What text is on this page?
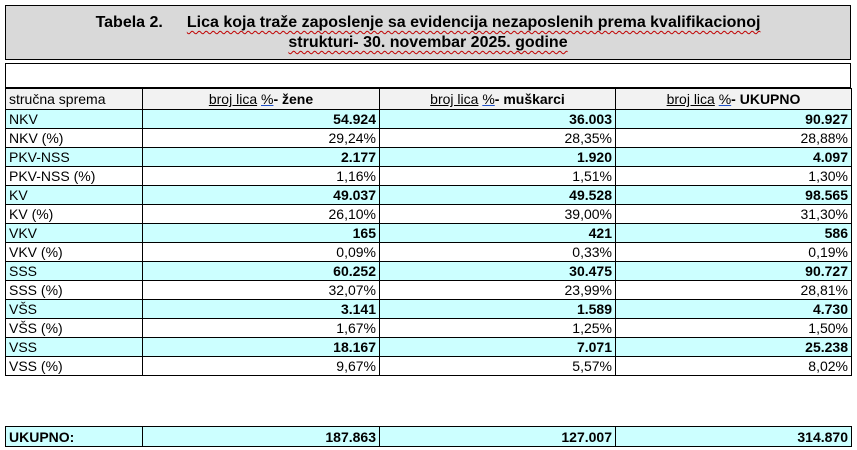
Tabela 2. Lica koja traže zaposlenje sa evidencija nezaposlenih prema kvalifikacionoj
strukturi- 30. novembar 2025. godine
stručna sprema	broj lica %- žene	broj lica %- muškarci	broj lica %- UKUPNO
NKV	54.924	36.003	90.927
NKV (%)	29,24%	28,35%	28,88%
PKV-NSS	2.177	1.920	4.097
PKV-NSS (%)	1,16%	1,51%	1,30%
KV	49.037	49.528	98.565
KV (%)	26,10%	39,00%	31,30%
VKV	165	421	586
VKV (%)	0,09%	0,33%	0,19%
SSS	60.252	30.475	90.727
SSS (%)	32,07%	23,99%	28,81%
VŠS	3.141	1.589	4.730
VŠS (%)	1,67%	1,25%	1,50%
VSS	18.167	7.071	25.238
VSS (%)	9,67%	5,57%	8,02%
UKUPNO:	187.863	127.007	314.870
